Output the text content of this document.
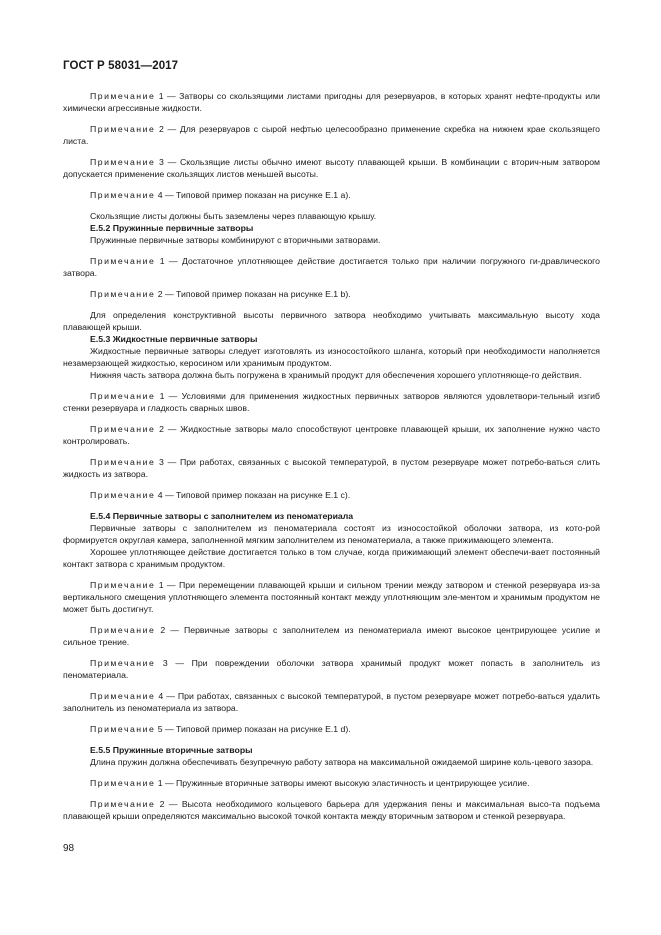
ГОСТ Р 58031—2017

Примечание 1 — Затворы со скользящими листами пригодны для резервуаров, в которых хранят нефте-продукты или химически агрессивные жидкости.

Примечание 2 — Для резервуаров с сырой нефтью целесообразно применение скребка на нижнем крае скользящего листа.

Примечание 3 — Скользящие листы обычно имеют высоту плавающей крыши. В комбинации с вторич-ным затвором допускается применение скользящих листов меньшей высоты.

Примечание 4 — Типовой пример показан на рисунке Е.1 а).

Скользящие листы должны быть заземлены через плавающую крышу.

Е.5.2 Пружинные первичные затворы

Пружинные первичные затворы комбинируют с вторичными затворами.

Примечание 1 — Достаточное уплотняющее действие достигается только при наличии погружного ги-дравлического затвора.

Примечание 2 — Типовой пример показан на рисунке Е.1 b).

Для определения конструктивной высоты первичного затвора необходимо учитывать максимальную высоту хода плавающей крыши.

Е.5.3 Жидкостные первичные затворы

Жидкостные первичные затворы следует изготовлять из износостойкого шланга, который при необходимости наполняется незамерзающей жидкостью, керосином или хранимым продуктом.

Нижняя часть затвора должна быть погружена в хранимый продукт для обеспечения хорошего уплотняюще-го действия.

Примечание 1 — Условиями для применения жидкостных первичных затворов являются удовлетвори-тельный изгиб стенки резервуара и гладкость сварных швов.

Примечание 2 — Жидкостные затворы мало способствуют центровке плавающей крыши, их заполнение нужно часто контролировать.

Примечание 3 — При работах, связанных с высокой температурой, в пустом резервуаре может потребо-ваться слить жидкость из затвора.

Примечание 4 — Типовой пример показан на рисунке Е.1 с).

Е.5.4 Первичные затворы с заполнителем из пеноматериала

Первичные затворы с заполнителем из пеноматериала состоят из износостойкой оболочки затвора, из кото-рой формируется округлая камера, заполненной мягким заполнителем из пеноматериала, а также прижимающего элемента.

Хорошее уплотняющее действие достигается только в том случае, когда прижимающий элемент обеспечи-вает постоянный контакт затвора с хранимым продуктом.

Примечание 1 — При перемещении плавающей крыши и сильном трении между затвором и стенкой резервуара из-за вертикального смещения уплотняющего элемента постоянный контакт между уплотняющим эле-ментом и хранимым продуктом не может быть достигнут.

Примечание 2 — Первичные затворы с заполнителем из пеноматериала имеют высокое центрирующее усилие и сильное трение.

Примечание 3 — При повреждении оболочки затвора хранимый продукт может попасть в заполнитель из пеноматериала.

Примечание 4 — При работах, связанных с высокой температурой, в пустом резервуаре может потребо-ваться удалить заполнитель из пеноматериала из затвора.

Примечание 5 — Типовой пример показан на рисунке Е.1 d).

Е.5.5 Пружинные вторичные затворы

Длина пружин должна обеспечивать безупречную работу затвора на максимальной ожидаемой ширине коль-цевого зазора.

Примечание 1 — Пружинные вторичные затворы имеют высокую эластичность и центрирующее усилие.

Примечание 2 — Высота необходимого кольцевого барьера для удержания пены и максимальная высо-та подъема плавающей крыши определяются максимально высокой точкой контакта между вторичным затвором и стенкой резервуара.

98
